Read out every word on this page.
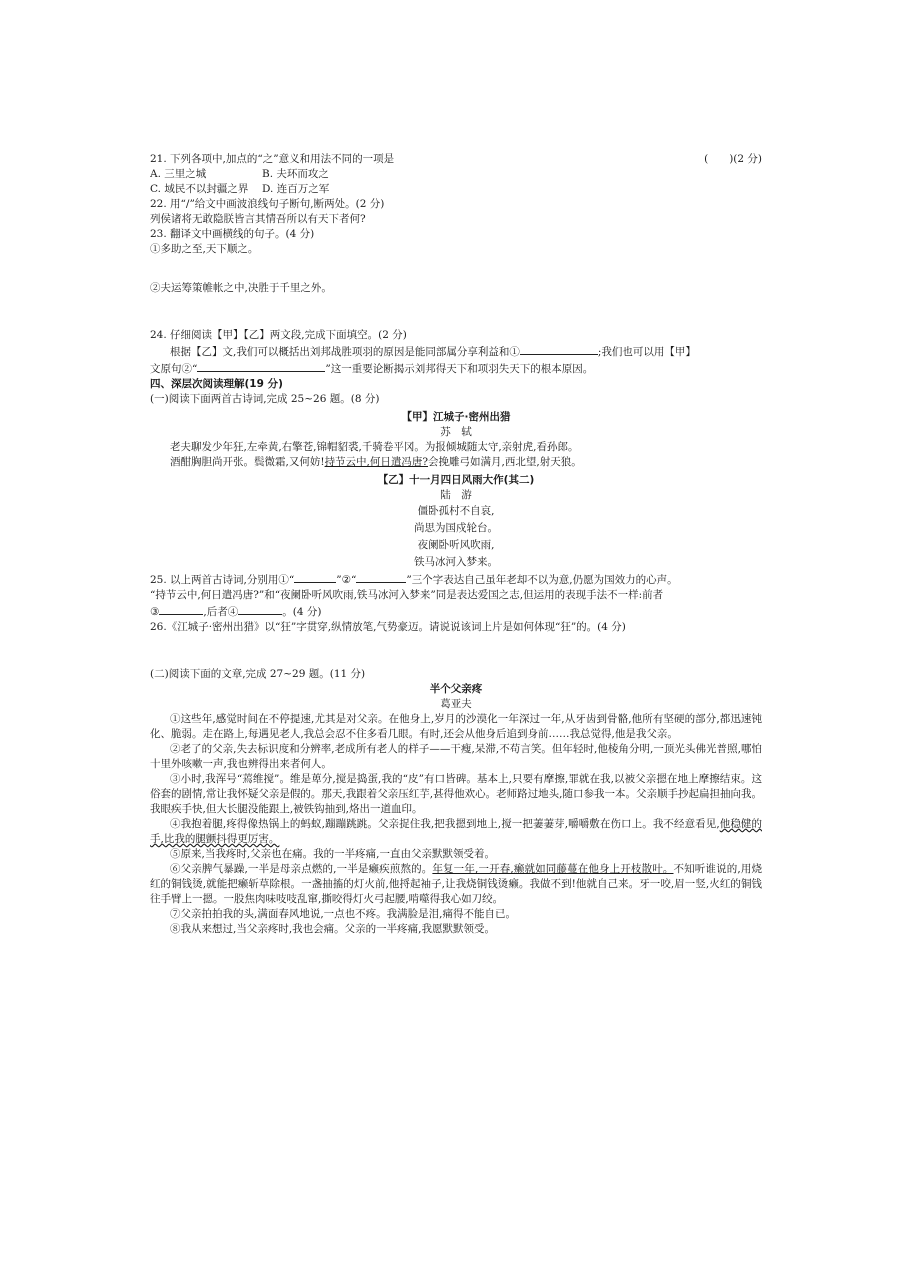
21. 下列各项中,加点的“之”意义和用法不同的一项是	(　　)(2 分)
A. 三里之城	B. 夫环而攻之
C. 域民不以封疆之界 D. 连百万之军
22. 用“/”给文中画波浪线句子断句,断两处。(2 分)
列侯诸将无敢隐朕皆言其情吾所以有天下者何?
23. 翻译文中画横线的句子。(4 分)
①多助之至,天下顺之。
②夫运筹策帷帐之中,决胜于千里之外。
24. 仔细阅读【甲】【乙】两文段,完成下面填空。(2 分)
根据【乙】文,我们可以概括出刘邦战胜项羽的原因是能同部属分享利益和①	;我们也可以用【甲】
文原句②“	”这一重要论断揭示刘邦得天下和项羽失天下的根本原因。
四、深层次阅读理解(19 分)
(一)阅读下面两首古诗词,完成 25~26 题。(8 分)
【甲】江城子·密州出猎
苏　轼
老夫聊发少年狂,左牵黄,右擎苍,锦帽貂裘,千骑卷平冈。为报倾城随太守,亲射虎,看孙郎。
酒酣胸胆尚开张。鬓微霜,又何妨!持节云中,何日遣冯唐?会挽雕弓如满月,西北望,射天狼。
【乙】十一月四日风雨大作(其二)
陆　游
僵卧孤村不自哀,
尚思为国戍轮台。
夜阑卧听风吹雨,
铁马冰河入梦来。
25. 以上两首古诗词,分别用①“	”②“	”三个字表达自己虽年老却不以为意,仍愿为国效力的心声。
“持节云中,何日遣冯唐?”和“夜阑卧听风吹雨,铁马冰河入梦来”同是表达爱国之志,但运用的表现手法不一样:前者
③	,后者④	。(4 分)
26.《江城子·密州出猎》以“狂”字贯穿,纵情放笔,气势豪迈。请说说该词上片是如何体现“狂”的。(4 分)
(二)阅读下面的文章,完成 27~29 题。(11 分)
半个父亲疼
葛亚夫
①这些年,感觉时间在不停提速,尤其是对父亲。在他身上,岁月的沙漠化一年深过一年,从牙齿到骨骼,他所有坚硬的部分,都迅速钝化、脆弱。走在路上,每遇见老人,我总会忍不住多看几眼。有时,还会从他身后追到身前……我总觉得,他是我父亲。
②老了的父亲,失去标识度和分辨率,老成所有老人的样子——干瘦,呆滞,不苟言笑。但年轻时,他棱角分明,一顶光头佛光普照,哪怕十里外咳嗽一声,我也辨得出来者何人。
③小时,我浑号“蔫维搅”。维是萆分,搅是捣蛋,我的“皮”有口皆碑。基本上,只要有摩擦,罪就在我,以被父亲摁在地上摩擦结束。这俗套的剧情,常让我怀疑父亲是假的。那天,我跟着父亲压红芋,甚得他欢心。老师路过地头,随口参我一本。父亲顺手抄起扁担抽向我。我眼疾手快,但大长腿没能跟上,被铁钩抽到,烙出一道血印。
④我抱着腿,疼得像热锅上的蚂蚁,蹦蹦跳跳。父亲捉住我,把我摁到地上,搅一把萋萋芽,嚼嚼敷在伤口上。我不经意看见,他稳健的手,比我的腿颤抖得更厉害。
⑤原来,当我疼时,父亲也在痛。我的一半疼痛,一直由父亲默默领受着。
⑥父亲脾气暴躁,一半是母亲点燃的,一半是癞疾煎熬的。年复一年,一开春,癞就如同藤蔓在他身上开枝散叶。不知听谁说的,用烧红的铜钱烫,就能把癞斩草除根。一盏抽搐的灯火前,他捋起袖子,让我烧铜钱烫癞。我做不到!他就自己来。牙一咬,眉一竖,火红的铜钱往手臂上一摁。一股焦肉味吱吱乱窜,撕咬得灯火弓起腰,啃噬得我心如刀绞。
⑦父亲拍拍我的头,满面春风地说,一点也不疼。我满脸是泪,痛得不能自已。
⑧我从来想过,当父亲疼时,我也会痛。父亲的一半疼痛,我愿默默领受。
